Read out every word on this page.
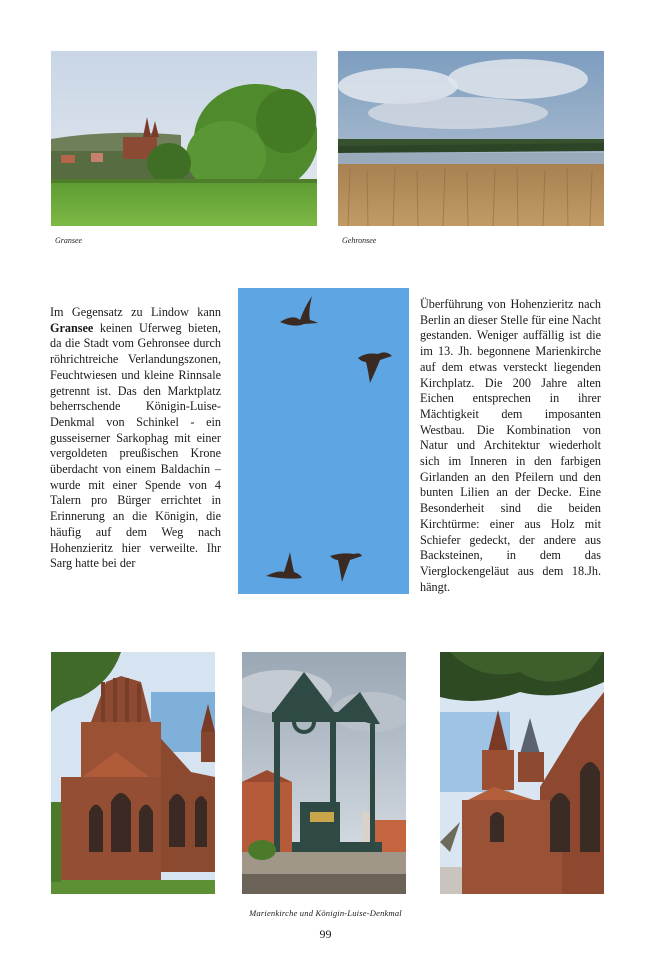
Gransee	Gehronsee

Im Gegensatz zu Lindow kann Gransee keinen Uferweg bieten, da die Stadt vom Gehronsee durch röhrichtreiche Verlandungszonen, Feuchtwiesen und kleine Rinnsale getrennt ist. Das den Marktplatz beherrschende Königin-Luise-Denkmal von Schinkel - ein gusseiserner Sarkophag mit einer vergoldeten preußischen Krone überdacht von einem Baldachin – wurde mit einer Spende von 4 Talern pro Bürger errichtet in Erinnerung an die Königin, die häufig auf dem Weg nach Hohenzieritz hier verweilte. Ihr Sarg hatte bei der

Überführung von Hohenzieritz nach Berlin an dieser Stelle für eine Nacht gestanden. Weniger auffällig ist die im 13. Jh. begonnene Marienkirche auf dem etwas versteckt liegenden Kirchplatz. Die 200 Jahre alten Eichen entsprechen in ihrer Mächtigkeit dem imposanten Westbau. Die Kombination von Natur und Architektur wiederholt sich im Inneren in den farbigen Girlanden an den Pfeilern und den bunten Lilien an der Decke. Eine Besonderheit sind die beiden Kirchtürme: einer aus Holz mit Schiefer gedeckt, der andere aus Backsteinen, in dem das Vierglockengeläut aus dem 18.Jh. hängt.

Marienkirche und Königin-Luise-Denkmal
99
